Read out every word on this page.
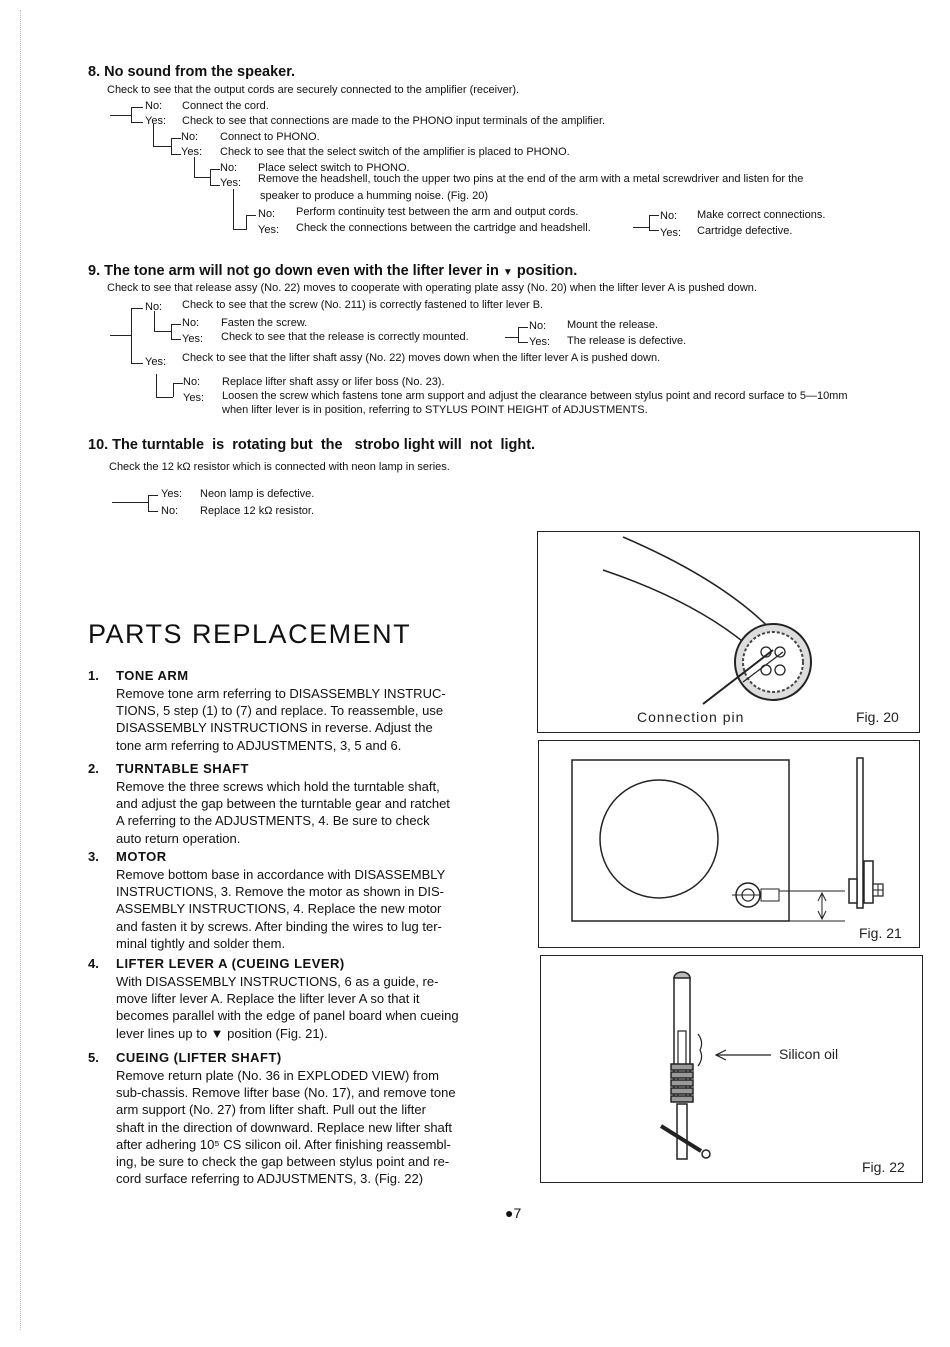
8. No sound from the speaker.
Check to see that the output cords are securely connected to the amplifier (receiver).
No: Connect the cord.
Yes: Check to see that connections are made to the PHONO input terminals of the amplifier.
No: Connect to PHONO.
Yes: Check to see that the select switch of the amplifier is placed to PHONO.
No: Place select switch to PHONO.
Yes: Remove the headshell, touch the upper two pins at the end of the arm with a metal screwdriver and listen for the
speaker to produce a humming noise. (Fig. 20)
No: Perform continuity test between the arm and output cords.
Yes: Check the connections between the cartridge and headshell.
No: Make correct connections.
Yes: Cartridge defective.
9. The tone arm will not go down even with the lifter lever in ▼ position.
Check to see that release assy (No. 22) moves to cooperate with operating plate assy (No. 20) when the lifter lever A is pushed down.
No: Check to see that the screw (No. 211) is correctly fastened to lifter lever B.
No: Fasten the screw.
Yes: Check to see that the release is correctly mounted.
No: Mount the release.
Yes: The release is defective.
Yes: Check to see that the lifter shaft assy (No. 22) moves down when the lifter lever A is pushed down.
No: Replace lifter shaft assy or lifer boss (No. 23).
Yes: Loosen the screw which fastens tone arm support and adjust the clearance between stylus point and record surface to 5—10mm
when lifter lever is in position, referring to STYLUS POINT HEIGHT of ADJUSTMENTS.
10. The turntable  is  rotating but  the   strobo light will  not  light.
Check the 12 kΩ resistor which is connected with neon lamp in series.
Yes: Neon lamp is defective.
No: Replace 12 kΩ resistor.
PARTS REPLACEMENT
1. TONE ARM
Remove tone arm referring to DISASSEMBLY INSTRUC-
TIONS, 5 step (1) to (7) and replace. To reassemble, use
DISASSEMBLY INSTRUCTIONS in reverse. Adjust the
tone arm referring to ADJUSTMENTS, 3, 5 and 6.
2. TURNTABLE SHAFT
Remove the three screws which hold the turntable shaft,
and adjust the gap between the turntable gear and ratchet
A referring to the ADJUSTMENTS, 4. Be sure to check
auto return operation.
3. MOTOR
Remove bottom base in accordance with DISASSEMBLY
INSTRUCTIONS, 3. Remove the motor as shown in DIS-
ASSEMBLY INSTRUCTIONS, 4. Replace the new motor
and fasten it by screws. After binding the wires to lug ter-
minal tightly and solder them.
4. LIFTER LEVER A (CUEING LEVER)
With DISASSEMBLY INSTRUCTIONS, 6 as a guide, re-
move lifter lever A. Replace the lifter lever A so that it
becomes parallel with the edge of panel board when cueing
lever lines up to ▼ position (Fig. 21).
5. CUEING (LIFTER SHAFT)
Remove return plate (No. 36 in EXPLODED VIEW) from
sub-chassis. Remove lifter base (No. 17), and remove tone
arm support (No. 27) from lifter shaft. Pull out the lifter
shaft in the direction of downward. Replace new lifter shaft
after adhering 10⁵ CS silicon oil. After finishing reassembl-
ing, be sure to check the gap between stylus point and re-
cord surface referring to ADJUSTMENTS, 3. (Fig. 22)
Connection pin	Fig. 20
Fig. 21
Silicon oil
Fig. 22
●7
